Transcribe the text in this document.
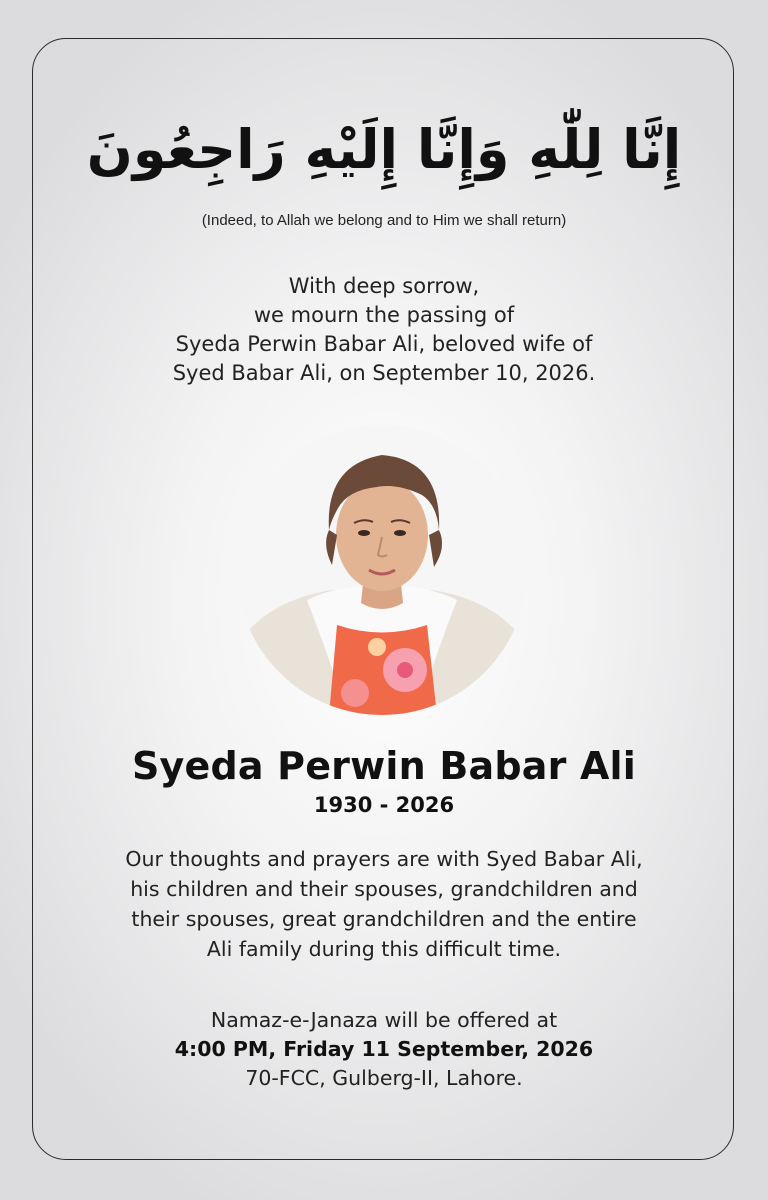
إِنَّا لِلّٰهِ وَإِنَّا إِلَيْهِ رَاجِعُونَ
(Indeed, to Allah we belong and to Him we shall return)
With deep sorrow,
we mourn the passing of
Syeda Perwin Babar Ali, beloved wife of
Syed Babar Ali, on September 10, 2026.
Syeda Perwin Babar Ali
1930 - 2026
Our thoughts and prayers are with Syed Babar Ali,
his children and their spouses, grandchildren and
their spouses, great grandchildren and the entire
Ali family during this difficult time.
Namaz-e-Janaza will be offered at
4:00 PM, Friday 11 September, 2026
70-FCC, Gulberg-II, Lahore.
